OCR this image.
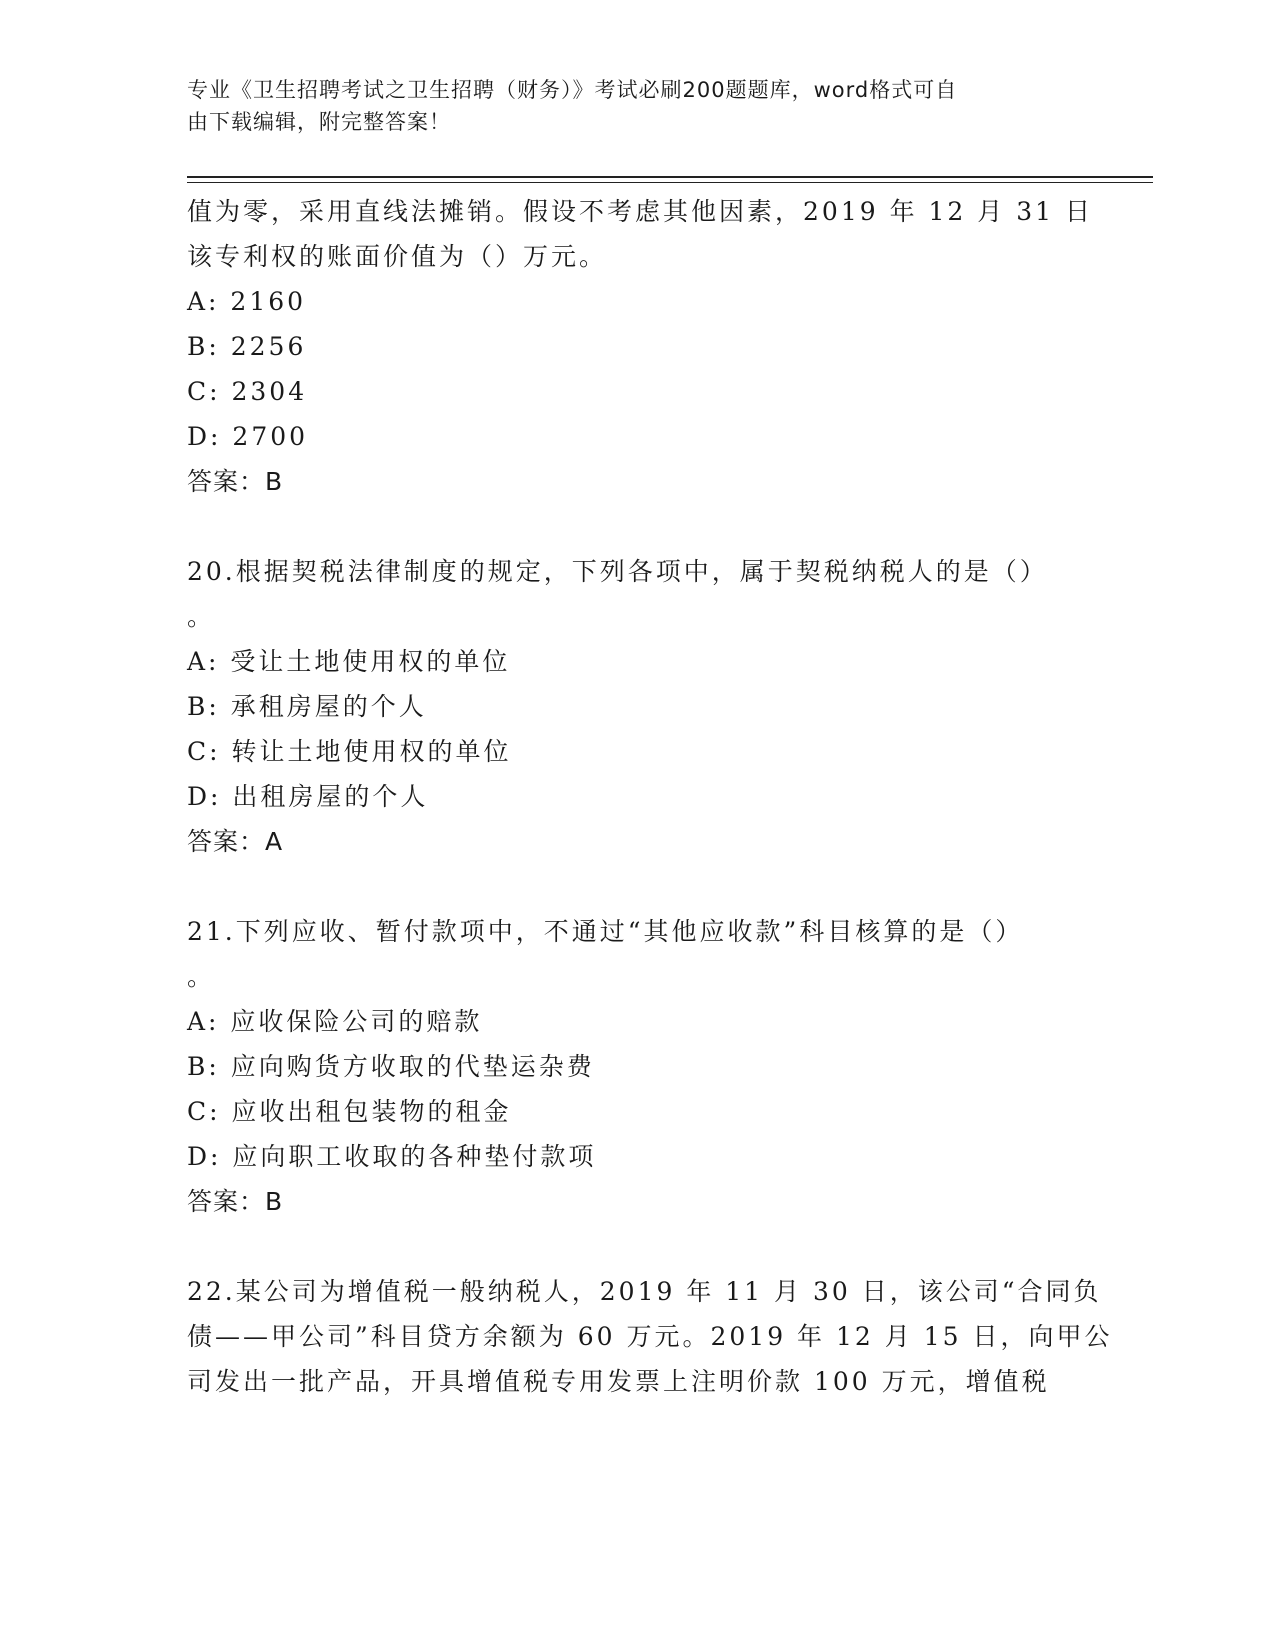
专业《卫生招聘考试之卫生招聘（财务）》考试必刷200题题库，word格式可自
由下载编辑，附完整答案！
值为零，采用直线法摊销。假设不考虑其他因素，2019 年 12 月 31 日
该专利权的账面价值为（）万元。
A: 2160
B: 2256
C: 2304
D: 2700
答案：B
20.根据契税法律制度的规定，下列各项中，属于契税纳税人的是（）
。
A: 受让土地使用权的单位
B: 承租房屋的个人
C: 转让土地使用权的单位
D: 出租房屋的个人
答案：A
21.下列应收、暂付款项中，不通过“其他应收款”科目核算的是（）
。
A: 应收保险公司的赔款
B: 应向购货方收取的代垫运杂费
C: 应收出租包装物的租金
D: 应向职工收取的各种垫付款项
答案：B
22.某公司为增值税一般纳税人，2019 年 11 月 30 日，该公司“合同负
债——甲公司”科目贷方余额为 60 万元。2019 年 12 月 15 日，向甲公
司发出一批产品，开具增值税专用发票上注明价款 100 万元，增值税
